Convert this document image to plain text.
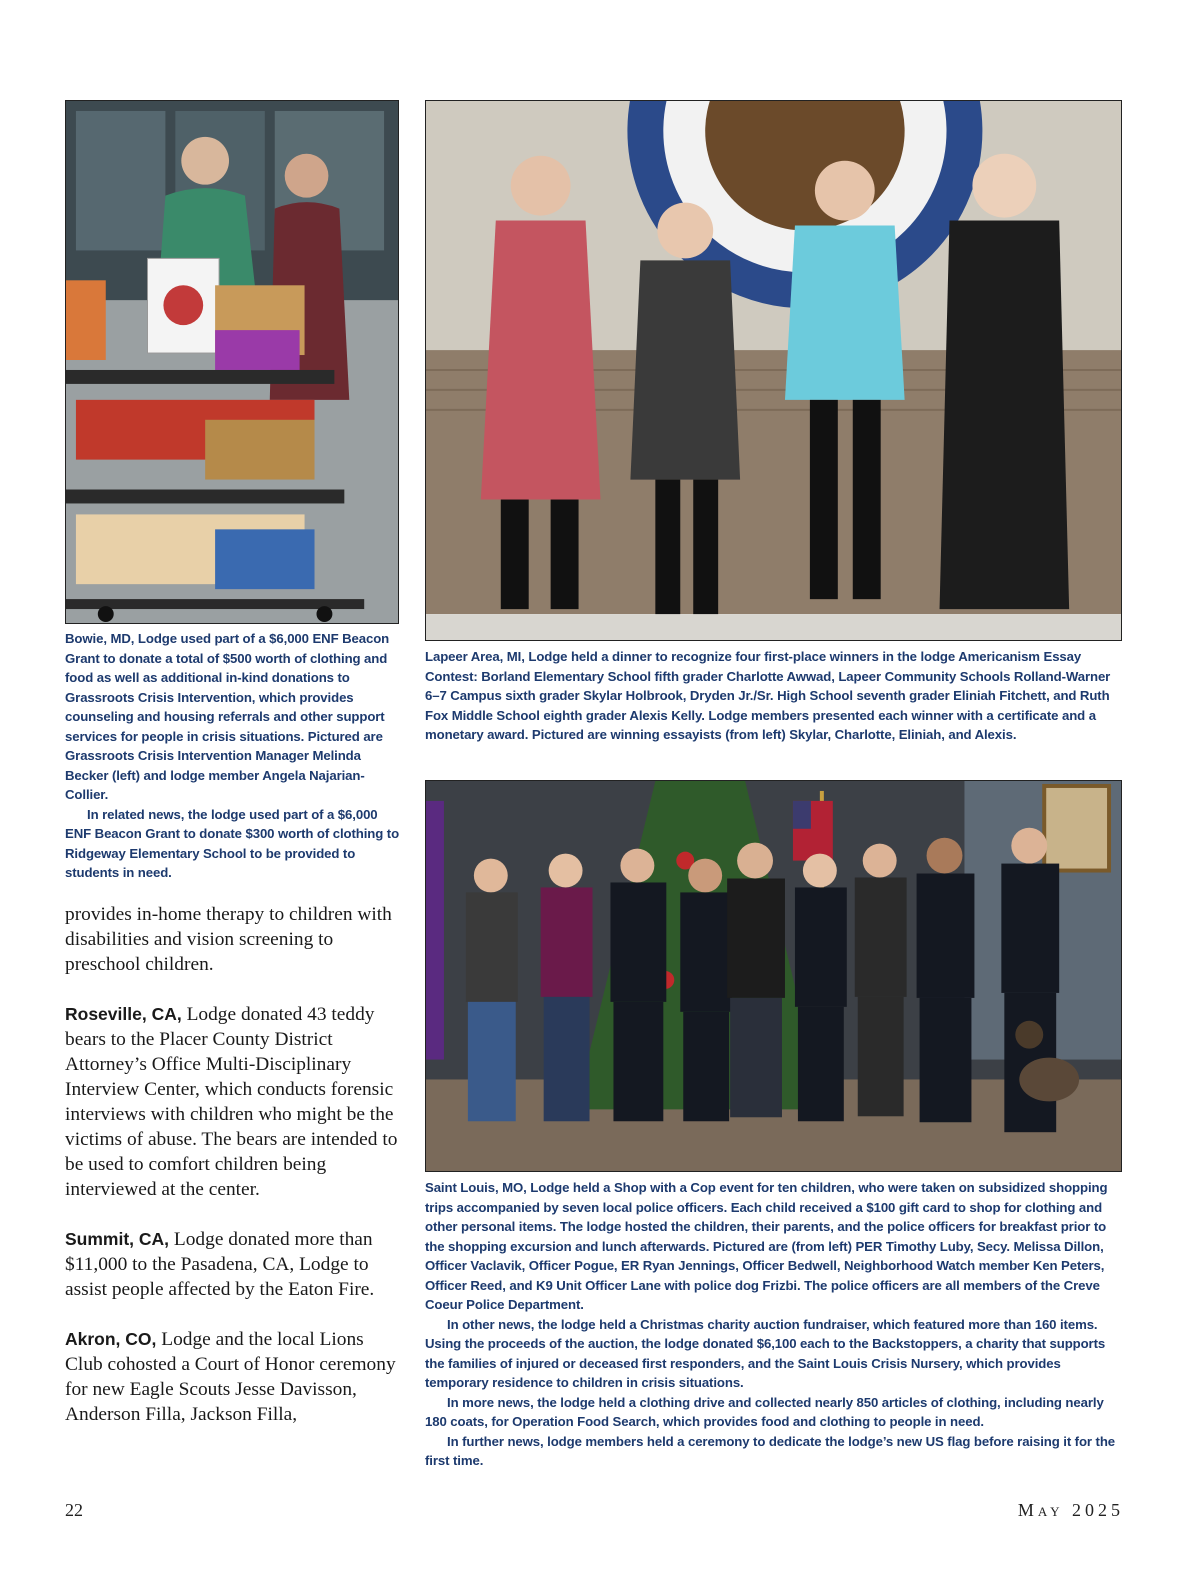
Bowie, MD, Lodge used part of a $6,000 ENF Beacon Grant to donate a total of $500 worth of clothing and food as well as additional in-kind donations to Grassroots Crisis Intervention, which provides counseling and housing referrals and other support services for people in crisis situations. Pictured are Grassroots Crisis Intervention Manager Melinda Becker (left) and lodge member Angela Najarian-Collier.

In related news, the lodge used part of a $6,000 ENF Beacon Grant to donate $300 worth of clothing to Ridgeway Elementary School to be provided to students in need.

Lapeer Area, MI, Lodge held a dinner to recognize four first-place winners in the lodge Americanism Essay Contest: Borland Elementary School fifth grader Charlotte Awwad, Lapeer Community Schools Rolland-Warner 6–7 Campus sixth grader Skylar Holbrook, Dryden Jr./Sr. High School seventh grader Eliniah Fitchett, and Ruth Fox Middle School eighth grader Alexis Kelly. Lodge members presented each winner with a certificate and a monetary award. Pictured are winning essayists (from left) Skylar, Charlotte, Eliniah, and Alexis.

Saint Louis, MO, Lodge held a Shop with a Cop event for ten children, who were taken on subsidized shopping trips accompanied by seven local police officers. Each child received a $100 gift card to shop for clothing and other personal items. The lodge hosted the children, their parents, and the police officers for breakfast prior to the shopping excursion and lunch afterwards. Pictured are (from left) PER Timothy Luby, Secy. Melissa Dillon, Officer Vaclavik, Officer Pogue, ER Ryan Jennings, Officer Bedwell, Neighborhood Watch member Ken Peters, Officer Reed, and K9 Unit Officer Lane with police dog Frizbi. The police officers are all members of the Creve Coeur Police Department.

In other news, the lodge held a Christmas charity auction fundraiser, which featured more than 160 items. Using the proceeds of the auction, the lodge donated $6,100 each to the Backstoppers, a charity that supports the families of injured or deceased first responders, and the Saint Louis Crisis Nursery, which provides temporary residence to children in crisis situations.

In more news, the lodge held a clothing drive and collected nearly 850 articles of clothing, including nearly 180 coats, for Operation Food Search, which provides food and clothing to people in need.

In further news, lodge members held a ceremony to dedicate the lodge’s new US flag before raising it for the first time.

provides in-home therapy to children with disabilities and vision screening to preschool children.

Roseville, CA, Lodge donated 43 teddy bears to the Placer County District Attorney’s Office Multi-Disciplinary Interview Center, which conducts forensic interviews with children who might be the victims of abuse. The bears are intended to be used to comfort children being interviewed at the center.

Summit, CA, Lodge donated more than $11,000 to the Pasadena, CA, Lodge to assist people affected by the Eaton Fire.

Akron, CO, Lodge and the local Lions Club cohosted a Court of Honor ceremony for new Eagle Scouts Jesse Davisson, Anderson Filla, Jackson Filla,

22	May 2025
